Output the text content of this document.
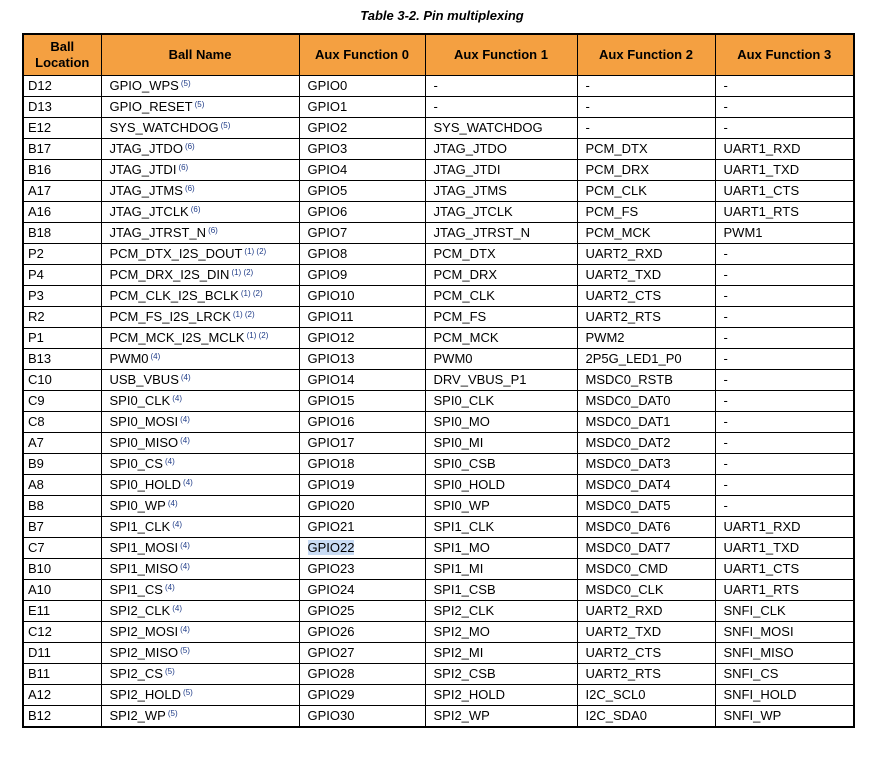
Table 3-2. Pin multiplexing
Ball Location	Ball Name	Aux Function 0	Aux Function 1	Aux Function 2	Aux Function 3
D12	GPIO_WPS $^{(5)}$	GPIO0	-	-	-
D13	GPIO_RESET $^{(5)}$	GPIO1	-	-	-
E12	SYS_WATCHDOG $^{(5)}$	GPIO2	SYS_WATCHDOG	-	-
B17	JTAG_JTDO $^{(6)}$	GPIO3	JTAG_JTDO	PCM_DTX	UART1_RXD
B16	JTAG_JTDI $^{(6)}$	GPIO4	JTAG_JTDI	PCM_DRX	UART1_TXD
A17	JTAG_JTMS $^{(6)}$	GPIO5	JTAG_JTMS	PCM_CLK	UART1_CTS
A16	JTAG_JTCLK $^{(6)}$	GPIO6	JTAG_JTCLK	PCM_FS	UART1_RTS
B18	JTAG_JTRST_N $^{(6)}$	GPIO7	JTAG_JTRST_N	PCM_MCK	PWM1
P2	PCM_DTX_I2S_DOUT $^{(1) (2)}$	GPIO8	PCM_DTX	UART2_RXD	-
P4	PCM_DRX_I2S_DIN $^{(1) (2)}$	GPIO9	PCM_DRX	UART2_TXD	-
P3	PCM_CLK_I2S_BCLK $^{(1) (2)}$	GPIO10	PCM_CLK	UART2_CTS	-
R2	PCM_FS_I2S_LRCK $^{(1) (2)}$	GPIO11	PCM_FS	UART2_RTS	-
P1	PCM_MCK_I2S_MCLK $^{(1) (2)}$	GPIO12	PCM_MCK	PWM2	-
B13	PWM0 $^{(4)}$	GPIO13	PWM0	2P5G_LED1_P0	-
C10	USB_VBUS $^{(4)}$	GPIO14	DRV_VBUS_P1	MSDC0_RSTB	-
C9	SPI0_CLK $^{(4)}$	GPIO15	SPI0_CLK	MSDC0_DAT0	-
C8	SPI0_MOSI $^{(4)}$	GPIO16	SPI0_MO	MSDC0_DAT1	-
A7	SPI0_MISO $^{(4)}$	GPIO17	SPI0_MI	MSDC0_DAT2	-
B9	SPI0_CS $^{(4)}$	GPIO18	SPI0_CSB	MSDC0_DAT3	-
A8	SPI0_HOLD $^{(4)}$	GPIO19	SPI0_HOLD	MSDC0_DAT4	-
B8	SPI0_WP $^{(4)}$	GPIO20	SPI0_WP	MSDC0_DAT5	-
B7	SPI1_CLK $^{(4)}$	GPIO21	SPI1_CLK	MSDC0_DAT6	UART1_RXD
C7	SPI1_MOSI $^{(4)}$	GPIO22	SPI1_MO	MSDC0_DAT7	UART1_TXD
B10	SPI1_MISO $^{(4)}$	GPIO23	SPI1_MI	MSDC0_CMD	UART1_CTS
A10	SPI1_CS $^{(4)}$	GPIO24	SPI1_CSB	MSDC0_CLK	UART1_RTS
E11	SPI2_CLK $^{(4)}$	GPIO25	SPI2_CLK	UART2_RXD	SNFI_CLK
C12	SPI2_MOSI $^{(4)}$	GPIO26	SPI2_MO	UART2_TXD	SNFI_MOSI
D11	SPI2_MISO $^{(5)}$	GPIO27	SPI2_MI	UART2_CTS	SNFI_MISO
B11	SPI2_CS $^{(5)}$	GPIO28	SPI2_CSB	UART2_RTS	SNFI_CS
A12	SPI2_HOLD $^{(5)}$	GPIO29	SPI2_HOLD	I2C_SCL0	SNFI_HOLD
B12	SPI2_WP $^{(5)}$	GPIO30	SPI2_WP	I2C_SDA0	SNFI_WP
